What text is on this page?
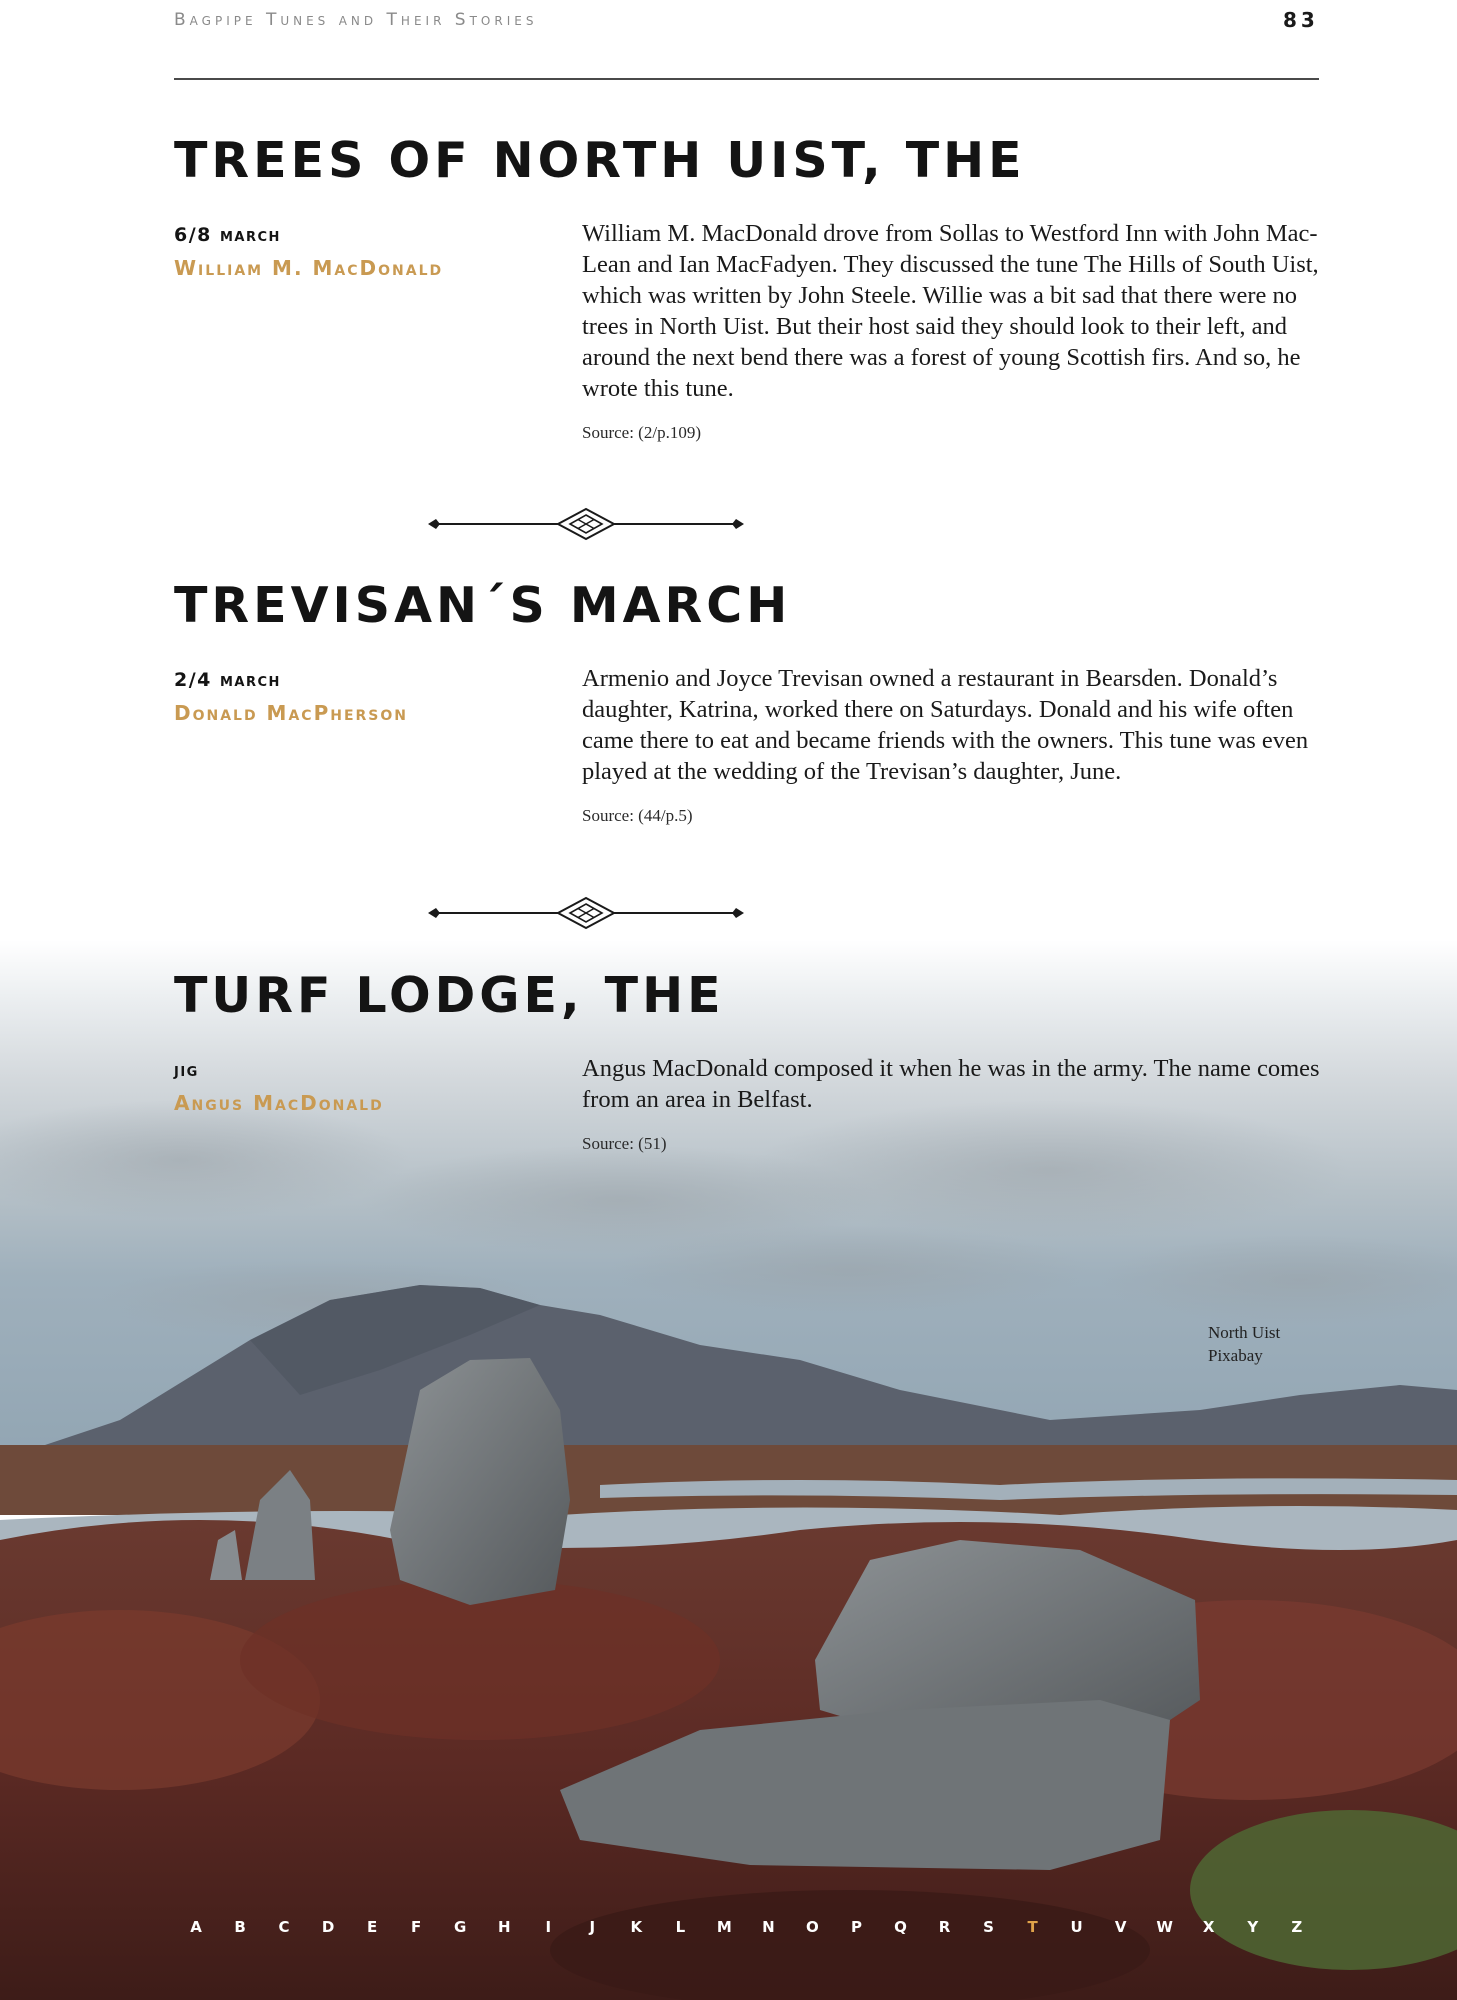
Bagpipe Tunes and Their Stories	83
TREES OF NORTH UIST, THE
6/8 march
William M. MacDonald

William M. MacDonald drove from Sollas to Westford Inn with John Mac-Lean and Ian MacFadyen. They discussed the tune The Hills of South Uist, which was written by John Steele. Willie was a bit sad that there were no trees in North Uist. But their host said they should look to their left, and around the next bend there was a forest of young Scottish firs. And so, he wrote this tune.

Source: (2/p.109)
TREVISAN´S MARCH
2/4 march
Donald MacPherson

Armenio and Joyce Trevisan owned a restaurant in Bearsden. Donald’s daughter, Katrina, worked there on Saturdays. Donald and his wife often came there to eat and became friends with the owners. This tune was even played at the wedding of the Trevisan’s daughter, June.

Source: (44/p.5)
TURF LODGE, THE
jig
Angus MacDonald

Angus MacDonald composed it when he was in the army. The name comes from an area in Belfast.

Source: (51)
North Uist
Pixabay
A	B	C	D	E	F	G	H	I	J	K	L	M	N	O	P	Q	R	S	T	U	V	W	X	Y	Z
